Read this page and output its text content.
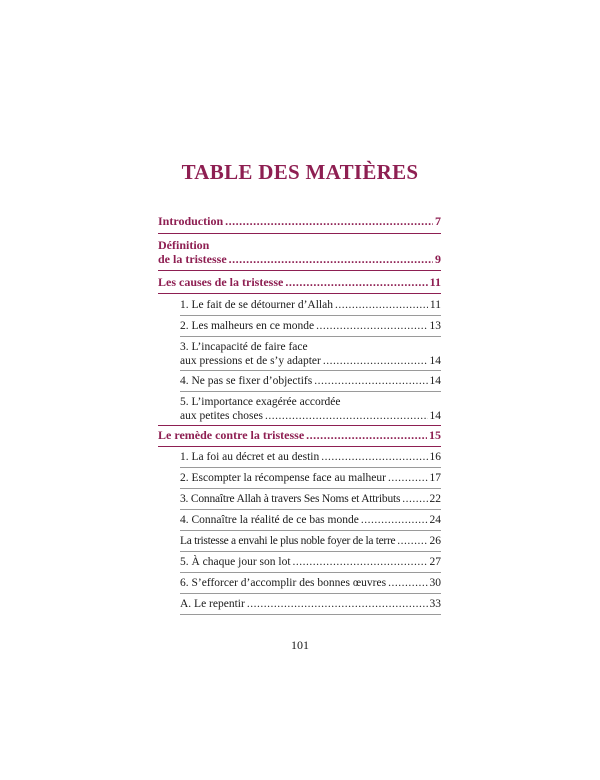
TABLE DES MATIÈRES
Introduction .....	7
Définition
de la tristesse .....	9
Les causes de la tristesse .....	11
1. Le fait de se détourner d’Allah .....	11
2. Les malheurs en ce monde .....	13
3. L’incapacité de faire face
aux pressions et de s’y adapter .....	14
4. Ne pas se fixer d’objectifs .....	14
5. L’importance exagérée accordée
aux petites choses .....	14
Le remède contre la tristesse .....	15
1. La foi au décret et au destin .....	16
2. Escompter la récompense face au malheur .....	17
3. Connaître Allah à travers Ses Noms et Attributs .....	22
4. Connaître la réalité de ce bas monde .....	24
La tristesse a envahi le plus noble foyer de la terre .....	26
5. À chaque jour son lot .....	27
6. S’efforcer d’accomplir des bonnes œuvres .....	30
A. Le repentir .....	33
101
